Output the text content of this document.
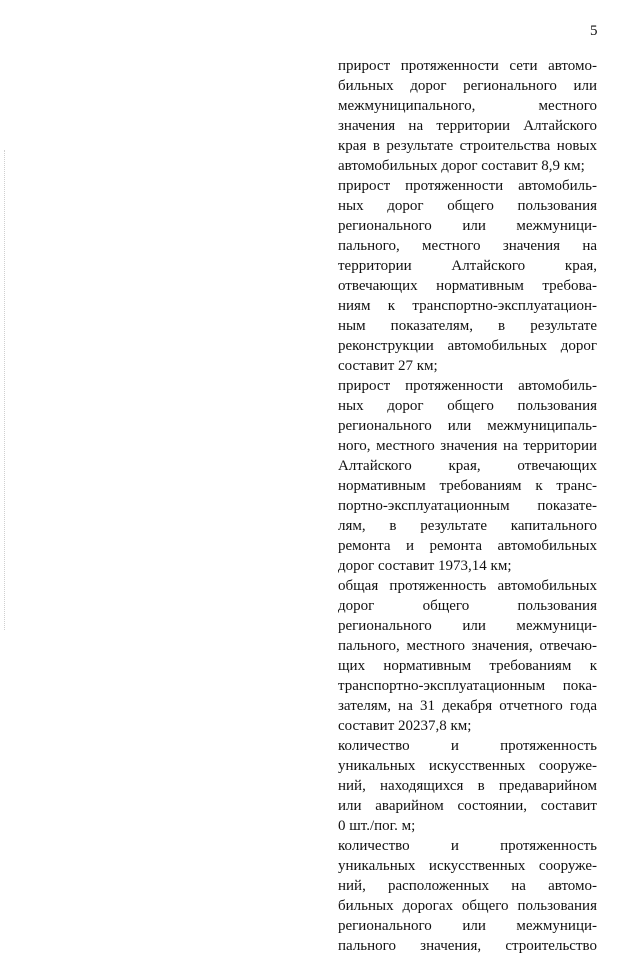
5
прирост протяженности сети автомо-
бильных дорог регионального или
межмуниципального, местного
значения на территории Алтайского
края в результате строительства новых
автомобильных дорог составит 8,9 км;
прирост протяженности автомобиль-
ных дорог общего пользования
регионального или межмуници-
пального, местного значения на
территории Алтайского края,
отвечающих нормативным требова-
ниям к транспортно-эксплуатацион-
ным показателям, в результате
реконструкции автомобильных дорог
составит 27 км;
прирост протяженности автомобиль-
ных дорог общего пользования
регионального или межмуниципаль-
ного, местного значения на территории
Алтайского края, отвечающих
нормативным требованиям к транс-
портно-эксплуатационным показате-
лям, в результате капитального
ремонта и ремонта автомобильных
дорог составит 1973,14 км;
общая протяженность автомобильных
дорог общего пользования
регионального или межмуници-
пального, местного значения, отвечаю-
щих нормативным требованиям к
транспортно-эксплуатационным пока-
зателям, на 31 декабря отчетного года
составит 20237,8 км;
количество и протяженность
уникальных искусственных сооруже-
ний, находящихся в предаварийном
или аварийном состоянии, составит
0 шт./пог. м;
количество и протяженность
уникальных искусственных сооруже-
ний, расположенных на автомо-
бильных дорогах общего пользования
регионального или межмуници-
пального значения, строительство
